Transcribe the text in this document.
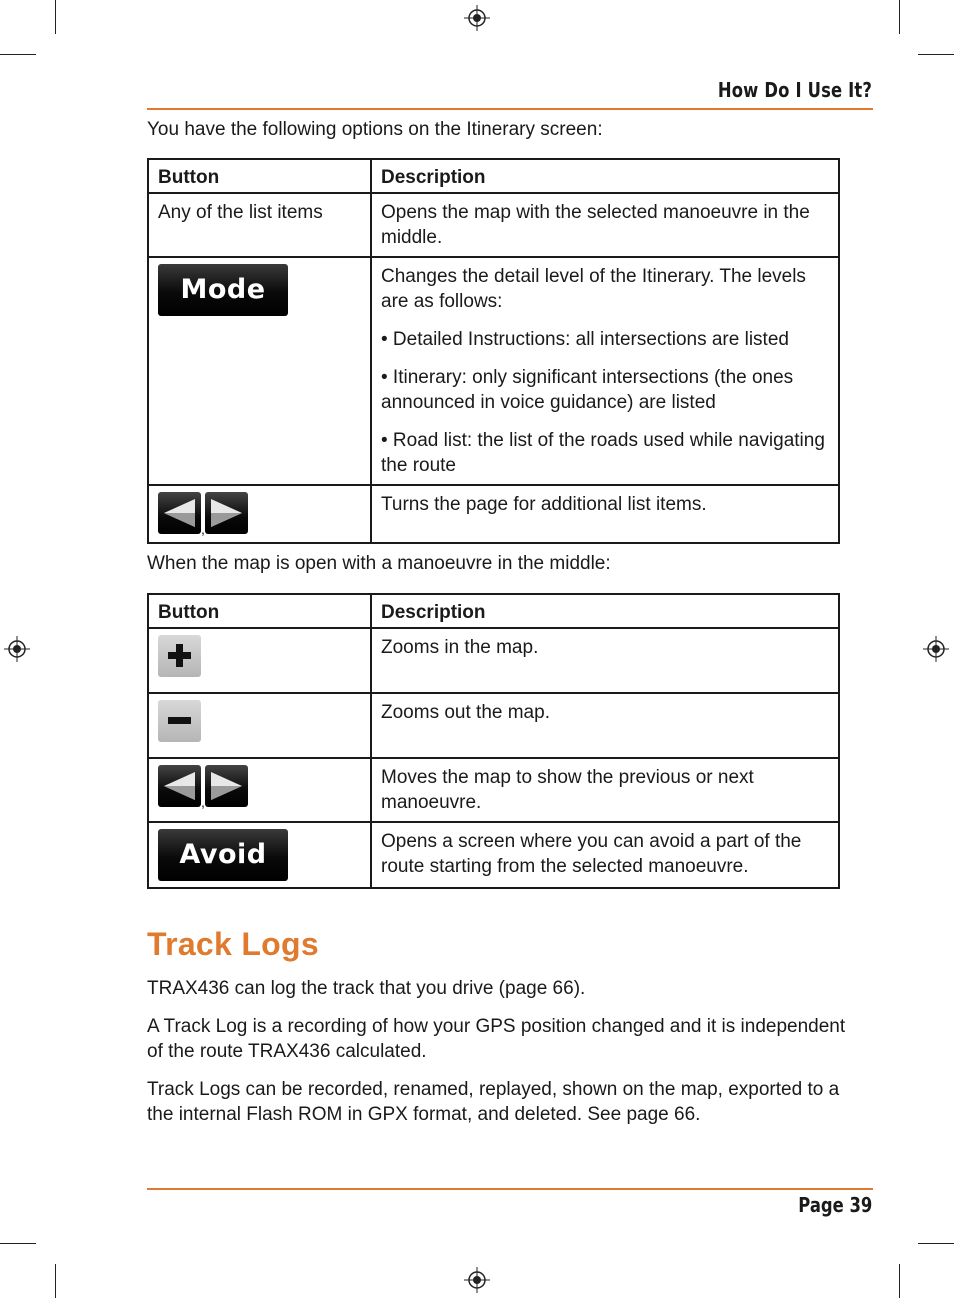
How Do I Use It?

You have the following options on the Itinerary screen:

Button	Description
Any of the list items	Opens the map with the selected manoeuvre in the middle.
Mode	Changes the detail level of the Itinerary. The levels are as follows:

• Detailed Instructions: all intersections are listed

• Itinerary: only significant intersections (the ones announced in voice guidance) are listed

• Road list: the list of the roads used while navigating the route

,	Turns the page for additional list items.

When the map is open with a manoeuvre in the middle:

Button	Description

	Zooms in the map.

	Zooms out the map.

,	Moves the map to show the previous or next manoeuvre.
Avoid	Opens a screen where you can avoid a part of the route starting from the selected manoeuvre.
Track Logs

TRAX436 can log the track that you drive (page 66).

A Track Log is a recording of how your GPS position changed and it is independent of the route TRAX436 calculated.

Track Logs can be recorded, renamed, replayed, shown on the map, exported to a the internal Flash ROM in GPX format, and deleted. See page 66.

Page 39
